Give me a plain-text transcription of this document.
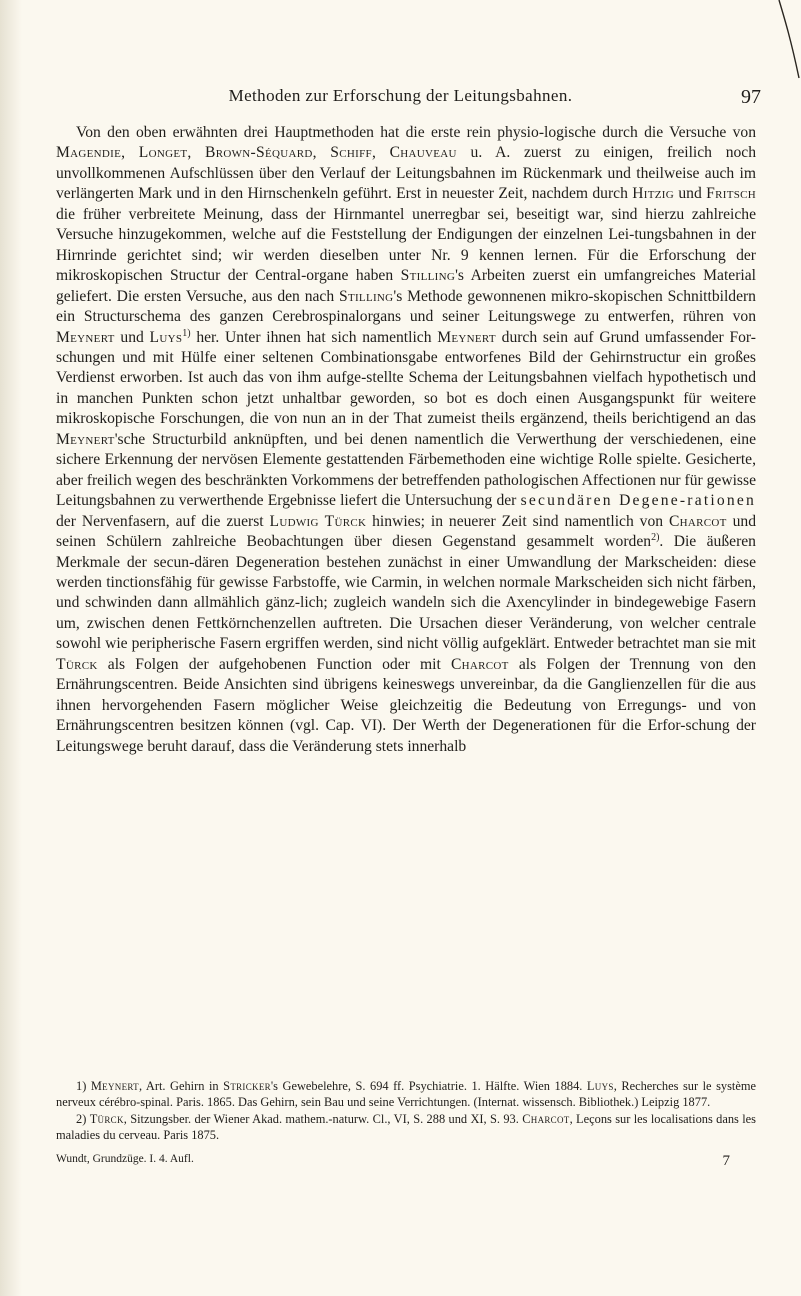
Methoden zur Erforschung der Leitungsbahnen.	97

Von den oben erwähnten drei Hauptmethoden hat die erste rein physio-logische durch die Versuche von Magendie, Longet, Brown-Séquard, Schiff, Chauveau u. A. zuerst zu einigen, freilich noch unvollkommenen Aufschlüssen über den Verlauf der Leitungsbahnen im Rückenmark und theilweise auch im verlängerten Mark und in den Hirnschenkeln geführt. Erst in neuester Zeit, nachdem durch Hitzig und Fritsch die früher verbreitete Meinung, dass der Hirnmantel unerregbar sei, beseitigt war, sind hierzu zahlreiche Versuche hinzugekommen, welche auf die Feststellung der Endigungen der einzelnen Lei-tungsbahnen in der Hirnrinde gerichtet sind; wir werden dieselben unter Nr. 9 kennen lernen. Für die Erforschung der mikroskopischen Structur der Central-organe haben Stilling's Arbeiten zuerst ein umfangreiches Material geliefert. Die ersten Versuche, aus den nach Stilling's Methode gewonnenen mikro-skopischen Schnittbildern ein Structurschema des ganzen Cerebrospinalorgans und seiner Leitungswege zu entwerfen, rühren von Meynert und Luys$^{1)}$ her. Unter ihnen hat sich namentlich Meynert durch sein auf Grund umfassender For-schungen und mit Hülfe einer seltenen Combinationsgabe entworfenes Bild der Gehirnstructur ein großes Verdienst erworben. Ist auch das von ihm aufge-stellte Schema der Leitungsbahnen vielfach hypothetisch und in manchen Punkten schon jetzt unhaltbar geworden, so bot es doch einen Ausgangspunkt für weitere mikroskopische Forschungen, die von nun an in der That zumeist theils ergänzend, theils berichtigend an das Meynert'sche Structurbild anknüpften, und bei denen namentlich die Verwerthung der verschiedenen, eine sichere Erkennung der nervösen Elemente gestattenden Färbemethoden eine wichtige Rolle spielte. Gesicherte, aber freilich wegen des beschränkten Vorkommens der betreffenden pathologischen Affectionen nur für gewisse Leitungsbahnen zu verwerthende Ergebnisse liefert die Untersuchung der secundären Degene-rationen der Nervenfasern, auf die zuerst Ludwig Türck hinwies; in neuerer Zeit sind namentlich von Charcot und seinen Schülern zahlreiche Beobachtungen über diesen Gegenstand gesammelt worden$^{2)}$. Die äußeren Merkmale der secun-dären Degeneration bestehen zunächst in einer Umwandlung der Markscheiden: diese werden tinctionsfähig für gewisse Farbstoffe, wie Carmin, in welchen normale Markscheiden sich nicht färben, und schwinden dann allmählich gänz-lich; zugleich wandeln sich die Axencylinder in bindegewebige Fasern um, zwischen denen Fettkörnchenzellen auftreten. Die Ursachen dieser Veränderung, von welcher centrale sowohl wie peripherische Fasern ergriffen werden, sind nicht völlig aufgeklärt. Entweder betrachtet man sie mit Türck als Folgen der aufgehobenen Function oder mit Charcot als Folgen der Trennung von den Ernährungscentren. Beide Ansichten sind übrigens keineswegs unvereinbar, da die Ganglienzellen für die aus ihnen hervorgehenden Fasern möglicher Weise gleichzeitig die Bedeutung von Erregungs- und von Ernährungscentren besitzen können (vgl. Cap. VI). Der Werth der Degenerationen für die Erfor-schung der Leitungswege beruht darauf, dass die Veränderung stets innerhalb

1) Meynert, Art. Gehirn in Stricker's Gewebelehre, S. 694 ff. Psychiatrie. 1. Hälfte. Wien 1884. Luys, Recherches sur le système nerveux cérébro-spinal. Paris. 1865. Das Gehirn, sein Bau und seine Verrichtungen. (Internat. wissensch. Bibliothek.) Leipzig 1877.

2) Türck, Sitzungsber. der Wiener Akad. mathem.-naturw. Cl., VI, S. 288 und XI, S. 93. Charcot, Leçons sur les localisations dans les maladies du cerveau. Paris 1875.

Wundt, Grundzüge. I. 4. Aufl.	7
